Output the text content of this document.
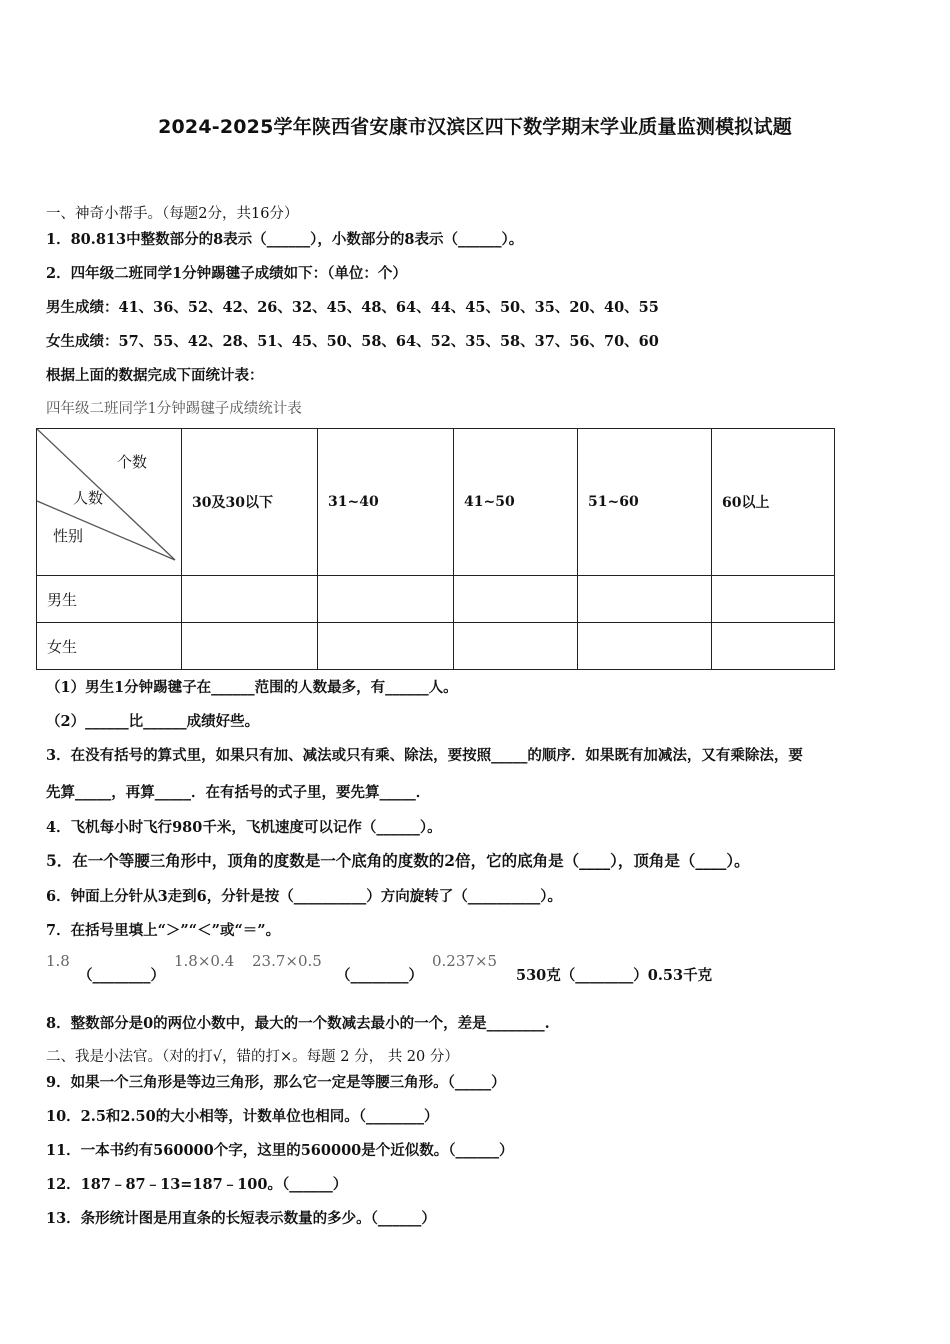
2024-2025学年陕西省安康市汉滨区四下数学期末学业质量监测模拟试题
一、神奇小帮手。（每题2分，共16分）
1．80.813中整数部分的8表示（______），小数部分的8表示（______）。
2．四年级二班同学1分钟踢毽子成绩如下：（单位：个）
男生成绩：41、36、52、42、26、32、45、48、64、44、45、50、35、20、40、55
女生成绩：57、55、42、28、51、45、50、58、64、52、35、58、37、56、70、60
根据上面的数据完成下面统计表：
四年级二班同学1分钟踢毽子成绩统计表
个数
人数
性别	30及30以下	31~40	41~50	51~60	60以上
男生					
女生					
（1）男生1分钟踢毽子在______范围的人数最多，有______人。
（2）______比______成绩好些。
3．在没有括号的算式里，如果只有加、减法或只有乘、除法，要按照_____的顺序．如果既有加减法，又有乘除法，要
先算_____，再算_____．在有括号的式子里，要先算_____．
4．飞机每小时飞行980千米，飞机速度可以记作（______）。
5．在一个等腰三角形中，顶角的度数是一个底角的度数的2倍，它的底角是（____），顶角是（____）。
6．钟面上分针从3走到6，分针是按（__________）方向旋转了（__________）。
7．在括号里填上“＞”“＜”或“＝”。
1.8
（________）
1.8×0.4 23.7×0.5
（________）
0.237×5
530克（________）0.53千克
8．整数部分是0的两位小数中，最大的一个数减去最小的一个，差是________.
二、我是小法官。（对的打√，错的打×。每题 2 分， 共 20 分）
9．如果一个三角形是等边三角形，那么它一定是等腰三角形。（_____）
10．2.5和2.50的大小相等，计数单位也相同。（________）
11．一本书约有560000个字，这里的560000是个近似数。（______）
12．187﹣87﹣13=187﹣100。（______）
13．条形统计图是用直条的长短表示数量的多少。（______）
